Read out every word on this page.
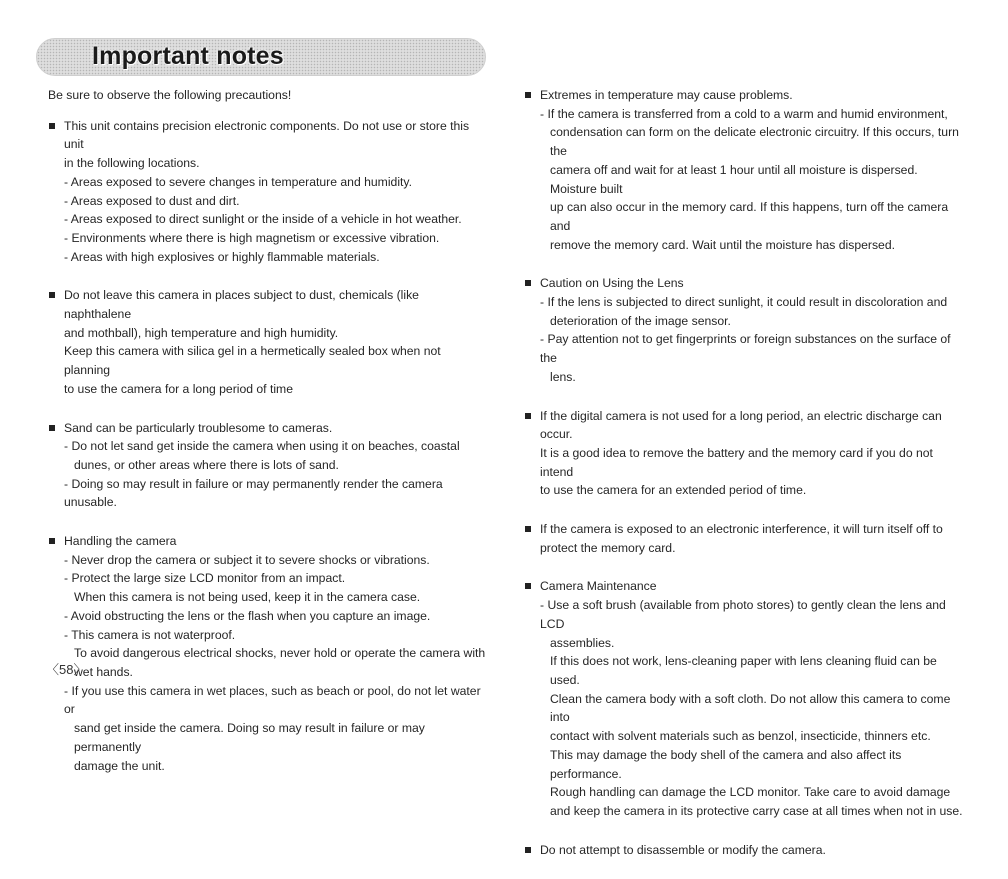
Important notes
Be sure to observe the following precautions!
This unit contains precision electronic components. Do not use or store this unit
in the following locations.
- Areas exposed to severe changes in temperature and humidity.
- Areas exposed to dust and dirt.
- Areas exposed to direct sunlight or the inside of a vehicle in hot weather.
- Environments where there is high magnetism or excessive vibration.
- Areas with high explosives or highly flammable materials.
Do not leave this camera in places subject to dust, chemicals (like naphthalene
and mothball), high temperature and high humidity.
Keep this camera with silica gel in a hermetically sealed box when not planning
to use the camera for a long period of time
Sand can be particularly troublesome to cameras.
- Do not let sand get inside the camera when using it on beaches, coastal
dunes, or other areas where there is lots of sand.
- Doing so may result in failure or may permanently render the camera unusable.
Handling the camera
- Never drop the camera or subject it to severe shocks or vibrations.
- Protect the large size LCD monitor from an impact.
When this camera is not being used, keep it in the camera case.
- Avoid obstructing the lens or the flash when you capture an image.
- This camera is not waterproof.
To avoid dangerous electrical shocks, never hold or operate the camera with
wet hands.
- If you use this camera in wet places, such as beach or pool, do not let water or
sand get inside the camera. Doing so may result in failure or may permanently
damage the unit.
Extremes in temperature may cause problems.
- If the camera is transferred from a cold to a warm and humid environment,
condensation can form on the delicate electronic circuitry. If this occurs, turn the
camera off and wait for at least 1 hour until all moisture is dispersed. Moisture built
up can also occur in the memory card. If this happens, turn off the camera and
remove the memory card. Wait until the moisture has dispersed.
Caution on Using the Lens
- If the lens is subjected to direct sunlight, it could result in discoloration and
deterioration of the image sensor.
- Pay attention not to get fingerprints or foreign substances on the surface of the
lens.
If the digital camera is not used for a long period, an electric discharge can occur.
It is a good idea to remove the battery and the memory card if you do not intend
to use the camera for an extended period of time.
If the camera is exposed to an electronic interference, it will turn itself off to
protect the memory card.
Camera Maintenance
- Use a soft brush (available from photo stores) to gently clean the lens and LCD
assemblies.
If this does not work, lens-cleaning paper with lens cleaning fluid can be used.
Clean the camera body with a soft cloth. Do not allow this camera to come into
contact with solvent materials such as benzol, insecticide, thinners etc.
This may damage the body shell of the camera and also affect its performance.
Rough handling can damage the LCD monitor. Take care to avoid damage
and keep the camera in its protective carry case at all times when not in use.
Do not attempt to disassemble or modify the camera.
〈58〉
